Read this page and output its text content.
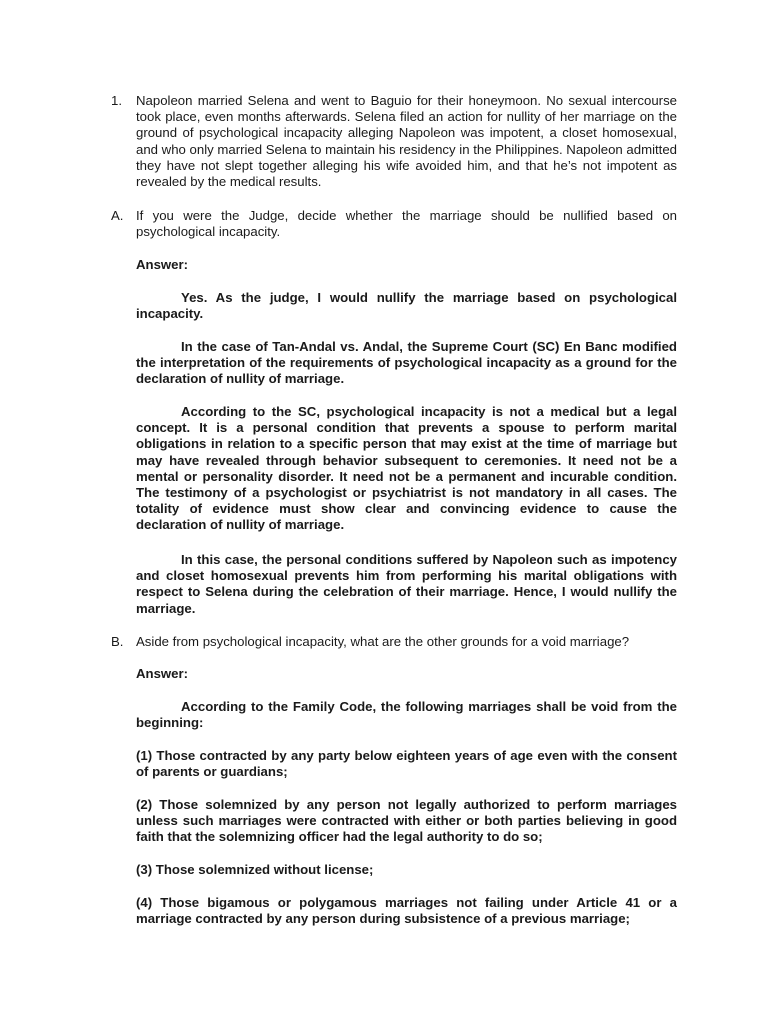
1. Napoleon married Selena and went to Baguio for their honeymoon. No sexual intercourse took place, even months afterwards. Selena filed an action for nullity of her marriage on the ground of psychological incapacity alleging Napoleon was impotent, a closet homosexual, and who only married Selena to maintain his residency in the Philippines. Napoleon admitted they have not slept together alleging his wife avoided him, and that he’s not impotent as revealed by the medical results.
A. If you were the Judge, decide whether the marriage should be nullified based on psychological incapacity.
Answer:
Yes. As the judge, I would nullify the marriage based on psychological incapacity.
In the case of Tan-Andal vs. Andal, the Supreme Court (SC) En Banc modified the interpretation of the requirements of psychological incapacity as a ground for the declaration of nullity of marriage.
According to the SC, psychological incapacity is not a medical but a legal concept. It is a personal condition that prevents a spouse to perform marital obligations in relation to a specific person that may exist at the time of marriage but may have revealed through behavior subsequent to ceremonies. It need not be a mental or personality disorder. It need not be a permanent and incurable condition. The testimony of a psychologist or psychiatrist is not mandatory in all cases. The totality of evidence must show clear and convincing evidence to cause the declaration of nullity of marriage.
In this case, the personal conditions suffered by Napoleon such as impotency and closet homosexual prevents him from performing his marital obligations with respect to Selena during the celebration of their marriage. Hence, I would nullify the marriage.
B. Aside from psychological incapacity, what are the other grounds for a void marriage?
Answer:
According to the Family Code, the following marriages shall be void from the beginning:
(1) Those contracted by any party below eighteen years of age even with the consent of parents or guardians;
(2) Those solemnized by any person not legally authorized to perform marriages unless such marriages were contracted with either or both parties believing in good faith that the solemnizing officer had the legal authority to do so;
(3) Those solemnized without license;
(4) Those bigamous or polygamous marriages not failing under Article 41 or a marriage contracted by any person during subsistence of a previous marriage;
